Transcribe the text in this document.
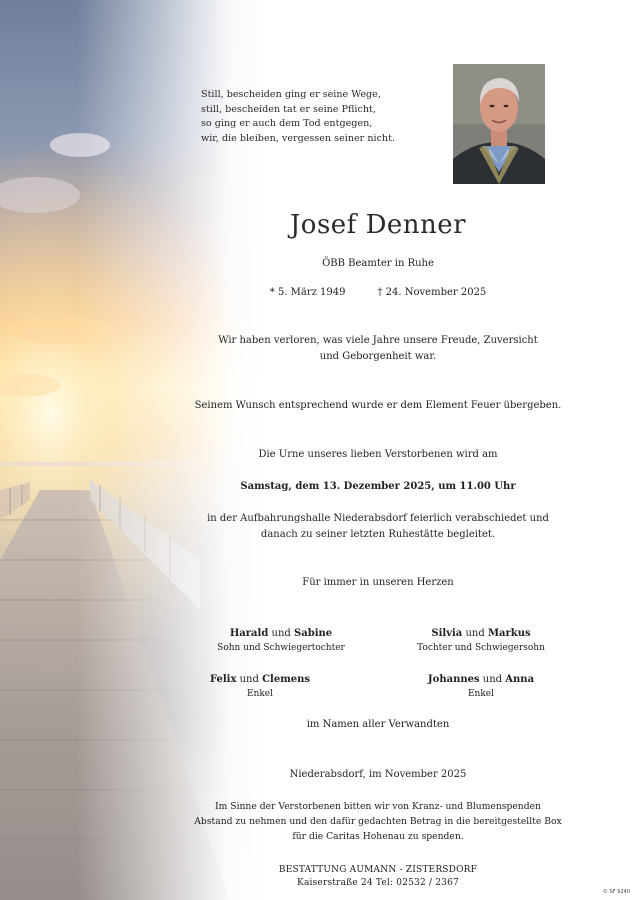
Still, bescheiden ging er seine Wege,
still, bescheiden tat er seine Pflicht,
so ging er auch dem Tod entgegen,
wir, die bleiben, vergessen seiner nicht.
Josef Denner
ÖBB Beamter in Ruhe
* 5. März 1949	† 24. November 2025
Wir haben verloren, was viele Jahre unsere Freude, Zuversicht
und Geborgenheit war.
Seinem Wunsch entsprechend wurde er dem Element Feuer übergeben.
Die Urne unseres lieben Verstorbenen wird am
Samstag, dem 13. Dezember 2025, um 11.00 Uhr
in der Aufbahrungshalle Niederabsdorf feierlich verabschiedet und
danach zu seiner letzten Ruhestätte begleitet.
Für immer in unseren Herzen
Harald und Sabine
Sohn und Schwiegertochter
Silvia und Markus
Tochter und Schwiegersohn
Felix und Clemens
Enkel
Johannes und Anna
Enkel
im Namen aller Verwandten
Niederabsdorf, im November 2025
Im Sinne der Verstorbenen bitten wir von Kranz- und Blumenspenden
Abstand zu nehmen und den dafür gedachten Betrag in die bereitgestellte Box
für die Caritas Hohenau zu spenden.
BESTATTUNG AUMANN - ZISTERSDORF
Kaiserstraße 24 Tel: 02532 / 2367
© SF 9240
